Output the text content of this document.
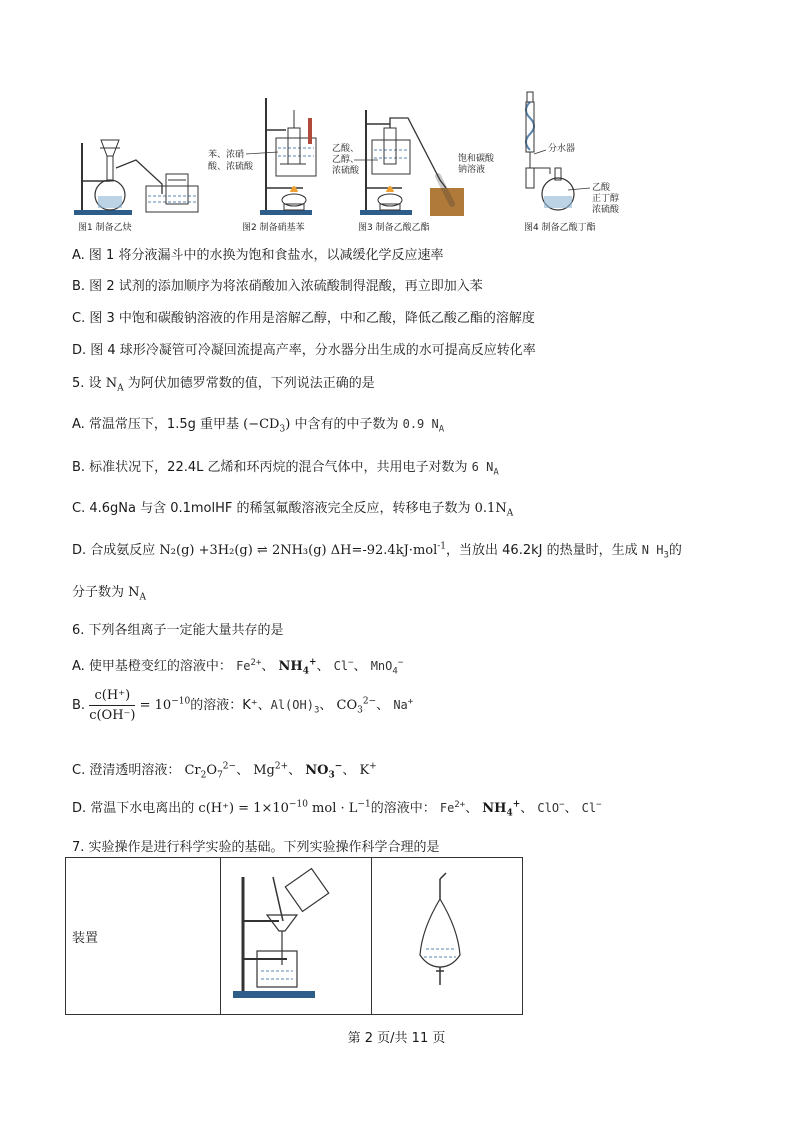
图1 制备乙炔
苯、浓硝
酸、浓硫酸
图2 制备硝基苯
乙酸、
乙醇、
浓硫酸
饱和碳酸
钠溶液
图3 制备乙酸乙酯
分水器
乙酸
正丁醇
浓硫酸
图4 制备乙酸丁酯
A. 图 1 将分液漏斗中的水换为饱和食盐水，以减缓化学反应速率
B. 图 2 试剂的添加顺序为将浓硝酸加入浓硫酸制得混酸，再立即加入苯
C. 图 3 中饱和碳酸钠溶液的作用是溶解乙醇，中和乙酸，降低乙酸乙酯的溶解度
D. 图 4 球形冷凝管可冷凝回流提高产率，分水器分出生成的水可提高反应转化率
5. 设 $N_A$ 为阿伏加德罗常数的值，下列说法正确的是
A. 常温常压下，1.5g 重甲基 $(-CD_3)$ 中含有的中子数为 0.9 $N_A$
B. 标准状况下，22.4L 乙烯和环丙烷的混合气体中，共用电子对数为 6 $N_A$
C. 4.6gNa 与含 0.1molHF 的稀氢氟酸溶液完全反应，转移电子数为 $0.1N_A$
D. 合成氨反应 N₂(g) +3H₂(g) ⇌ 2NH₃(g) ΔH=-92.4kJ·mol$^{-1}$，当放出 46.2kJ 的热量时，生成 N $H_3$的
分子数为 $N_A$
6. 下列各组离子一定能大量共存的是
A. 使甲基橙变红的溶液中： $Fe^{2+}$、 $NH_4^+$、 Cl−、 MnO$_4$−
B. $\frac{c(H^+)}{c(OH^-)} = 10^{-10}$的溶液：K⁺、$Al(OH)_3$、 $CO_3^{2-}$、 Na+
C. 澄清透明溶液： $Cr_2O_7^{2-}$、 $Mg^{2+}$、 $NO_3^-$、 K+
D. 常温下水电离出的 $c(H^+) = 1\times 10^{-10}$ mol · $L^{-1}$的溶液中： $Fe^{2+}$、 $NH_4^+$、 ClO−、 Cl−
7. 实验操作是进行科学实验的基础。下列实验操作科学合理的是
装置		
第 2 页/共 11 页
